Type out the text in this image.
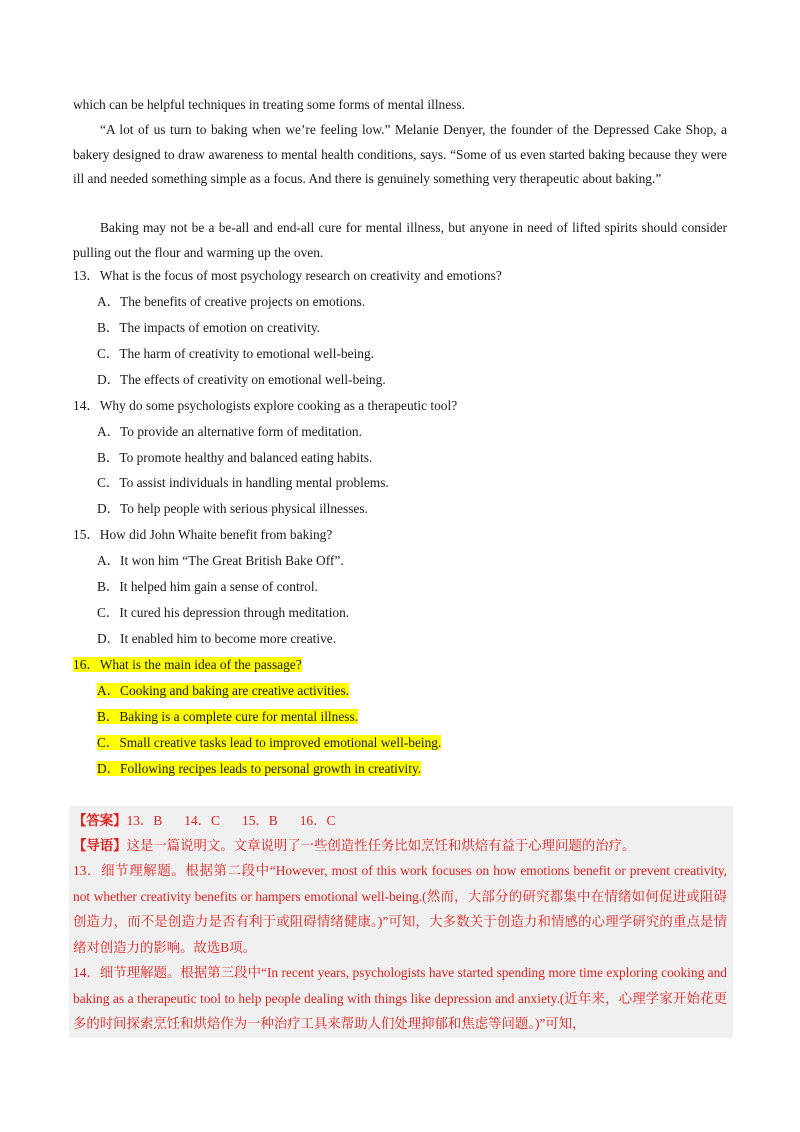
which can be helpful techniques in treating some forms of mental illness.

“A lot of us turn to baking when we’re feeling low.” Melanie Denyer, the founder of the Depressed Cake Shop, a bakery designed to draw awareness to mental health conditions, says. “Some of us even started baking because they were ill and needed something simple as a focus. And there is genuinely something very therapeutic about baking.”

Baking may not be a be-all and end-all cure for mental illness, but anyone in need of lifted spirits should consider pulling out the flour and warming up the oven.

13．What is the focus of most psychology research on creativity and emotions?
A．The benefits of creative projects on emotions.
B．The impacts of emotion on creativity.
C．The harm of creativity to emotional well-being.
D．The effects of creativity on emotional well-being.
14．Why do some psychologists explore cooking as a therapeutic tool?
A．To provide an alternative form of meditation.
B．To promote healthy and balanced eating habits.
C．To assist individuals in handling mental problems.
D．To help people with serious physical illnesses.
15．How did John Whaite benefit from baking?
A．It won him “The Great British Bake Off”.
B．It helped him gain a sense of control.
C．It cured his depression through meditation.
D．It enabled him to become more creative.
16．What is the main idea of the passage?
A．Cooking and baking are creative activities.
B．Baking is a complete cure for mental illness.
C．Small creative tasks lead to improved emotional well-being.
D．Following recipes leads to personal growth in creativity.
【答案】13．B 14．C 15．B 16．C
【导语】这是一篇说明文。文章说明了一些创造性任务比如烹饪和烘焙有益于心理问题的治疗。

13．细节理解题。根据第二段中“However, most of this work focuses on how emotions benefit or prevent creativity, not whether creativity benefits or hampers emotional well-being.(然而，大部分的研究都集中在情绪如何促进或阻碍创造力，而不是创造力是否有利于或阻碍情绪健康。)”可知，大多数关于创造力和情感的心理学研究的重点是情绪对创造力的影响。故选B项。

14．细节理解题。根据第三段中“In recent years, psychologists have started spending more time exploring cooking and baking as a therapeutic tool to help people dealing with things like depression and anxiety.(近年来，心理学家开始花更多的时间探索烹饪和烘焙作为一种治疗工具来帮助人们处理抑郁和焦虑等问题。)”可知，
